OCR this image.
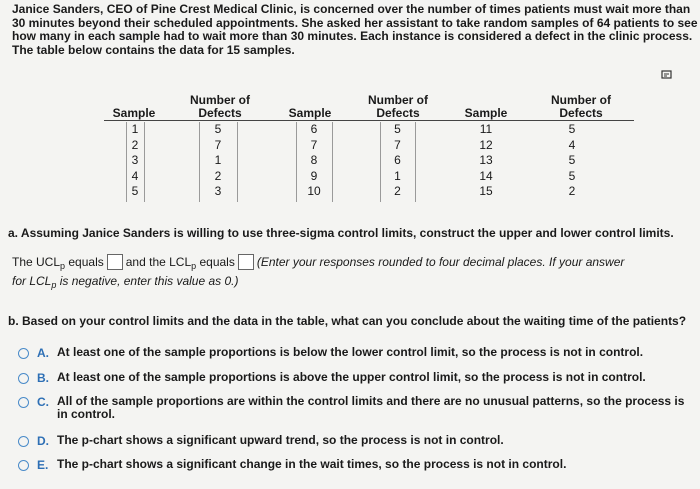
Janice Sanders, CEO of Pine Crest Medical Clinic, is concerned over the number of times patients must wait more than
30 minutes beyond their scheduled appointments. She asked her assistant to take random samples of 64 patients to see
how many in each sample had to wait more than 30 minutes. Each instance is considered a defect in the clinic process.
The table below contains the data for 15 samples.
Sample
Number of
Defects	Sample
Number of
Defects	Sample
Number of
Defects
1
2
3
4
5
5
7
1
2
3
6
7
8
9
10
5
7
6
1
2
11
12
13
14
15
5
4
5
5
2
a. Assuming Janice Sanders is willing to use three-sigma control limits, construct the upper and lower control limits.
The $UCL_p$ equals and the $LCL_p$ equals (Enter your responses rounded to four decimal places. If your answer
for $LCL_p$ is negative, enter this value as 0.)
b. Based on your control limits and the data in the table, what can you conclude about the waiting time of the patients?
A. At least one of the sample proportions is below the lower control limit, so the process is not in control.
B. At least one of the sample proportions is above the upper control limit, so the process is not in control.
C. All of the sample proportions are within the control limits and there are no unusual patterns, so the process is
in control.
D. The p-chart shows a significant upward trend, so the process is not in control.
E. The p-chart shows a significant change in the wait times, so the process is not in control.
